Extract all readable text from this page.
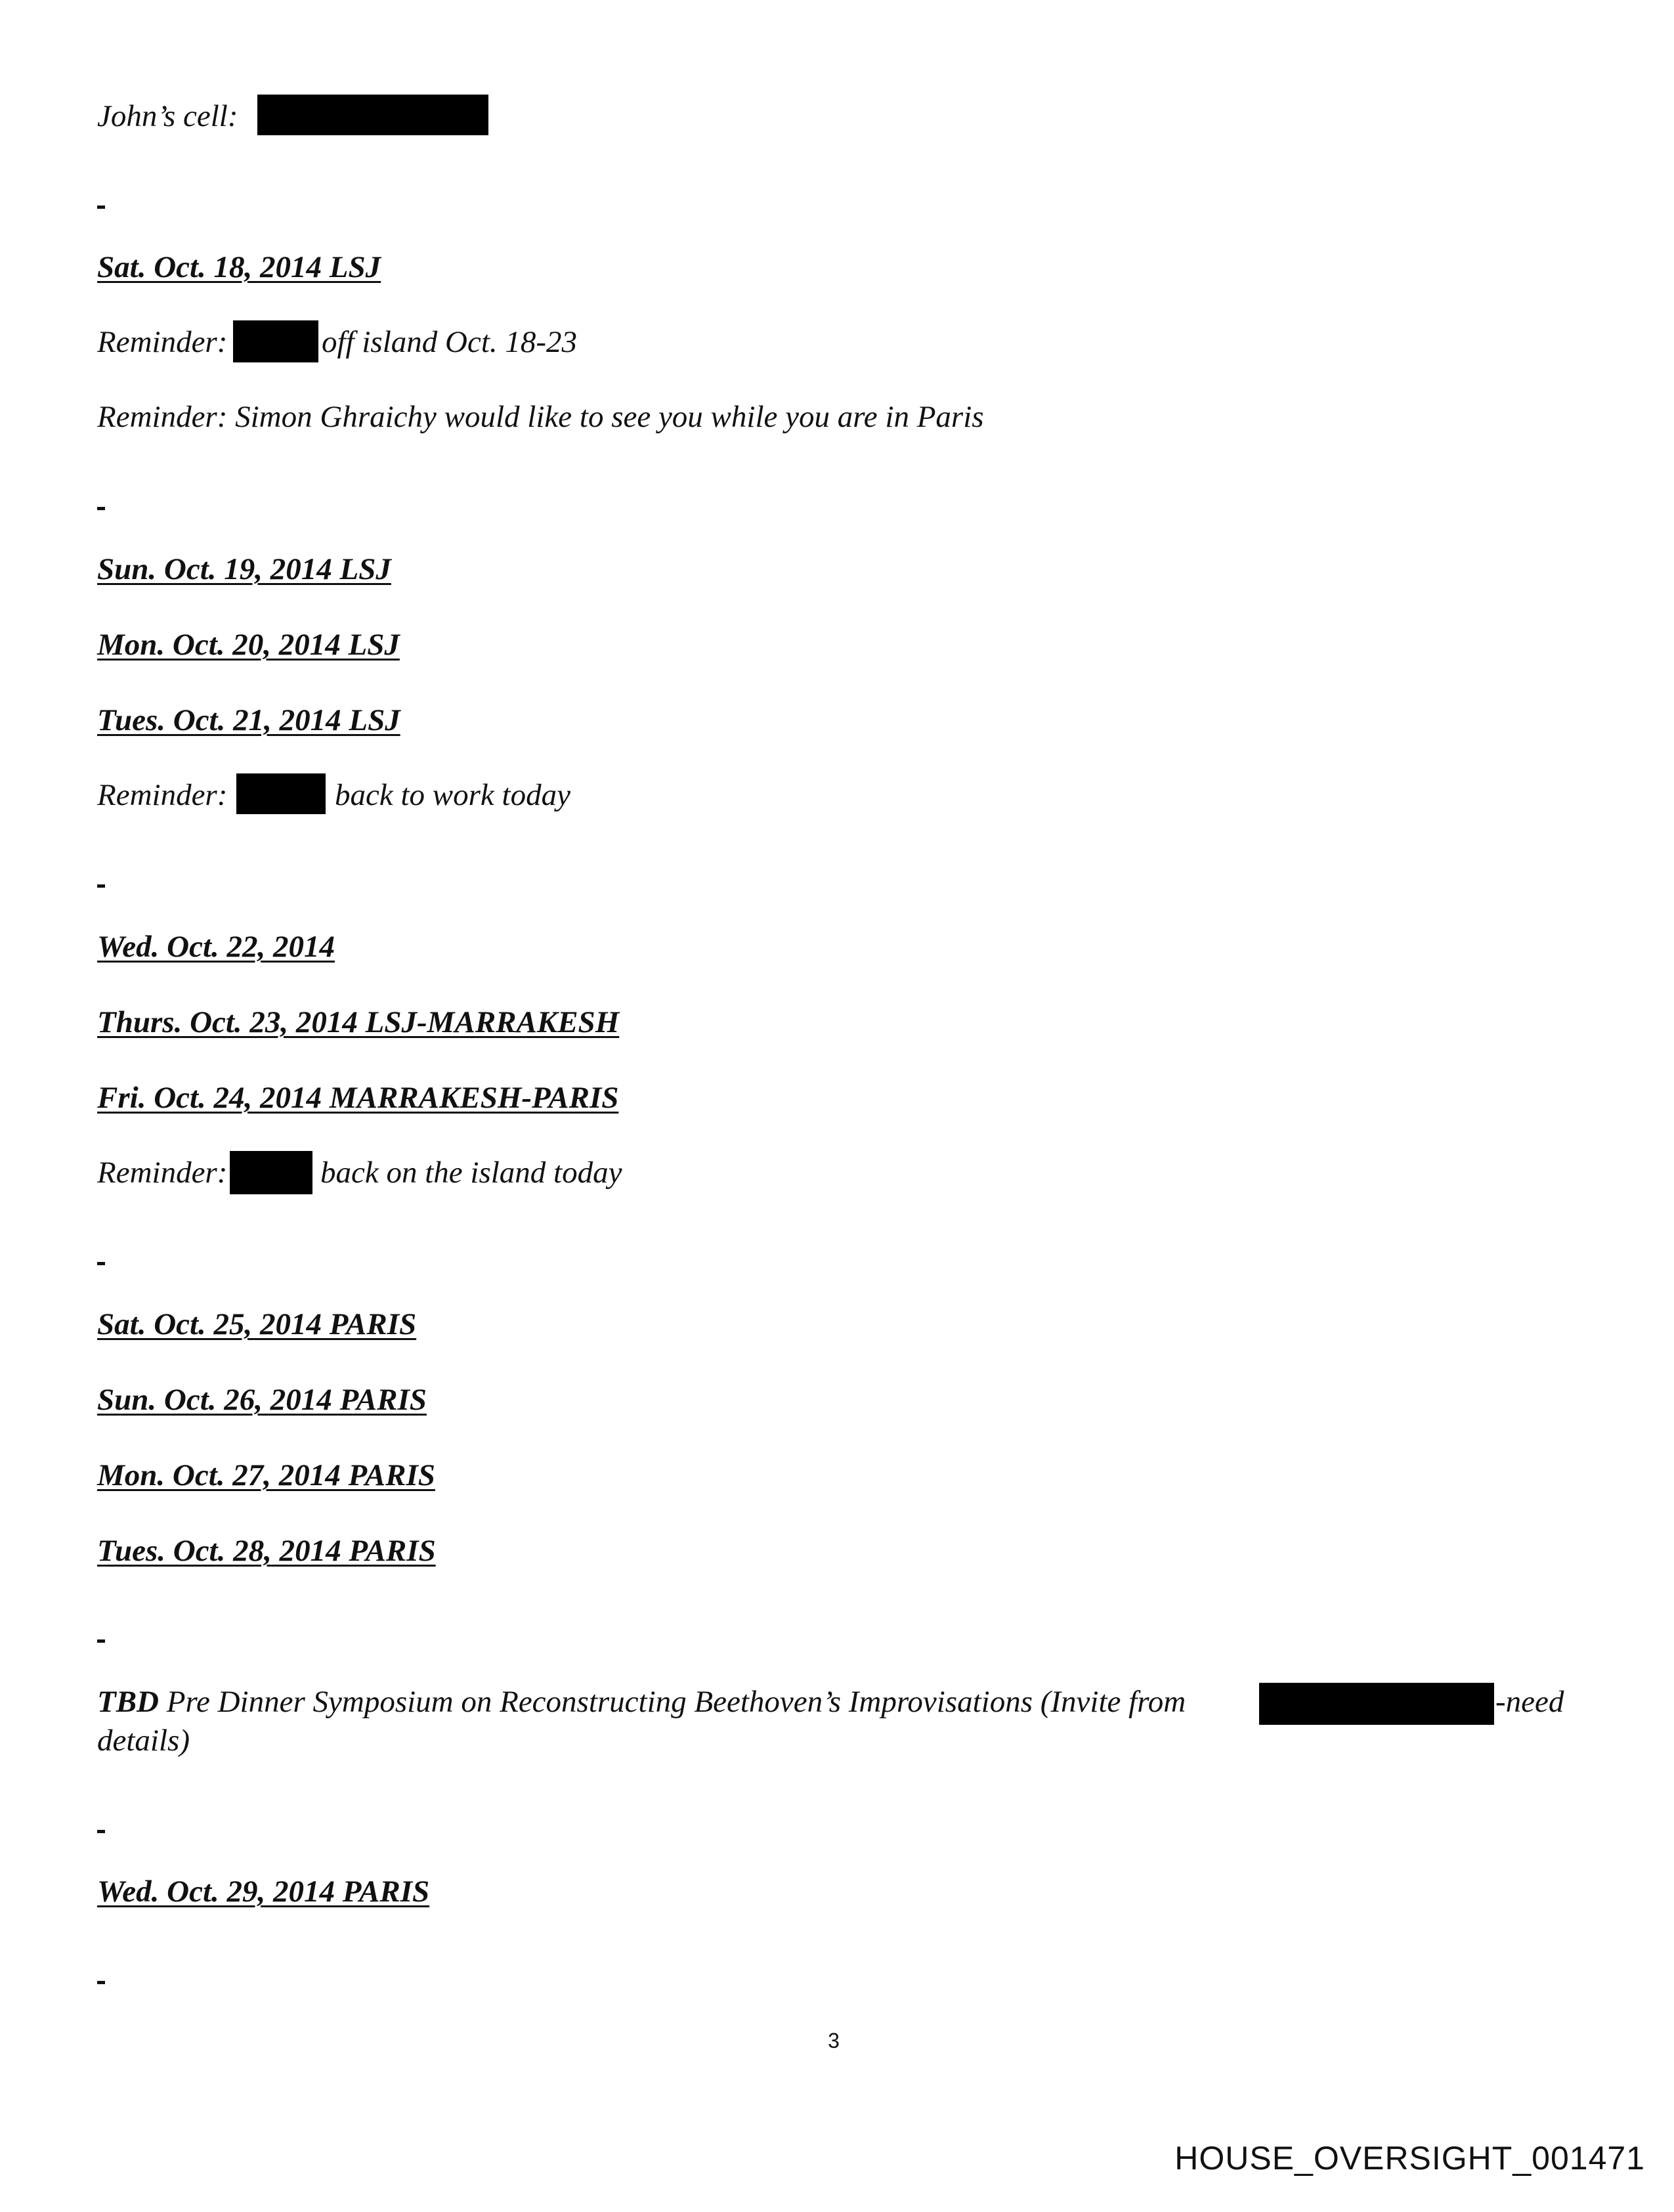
John’s cell:
Sat. Oct. 18, 2014 LSJ
Reminder:	off island Oct. 18-23
Reminder: Simon Ghraichy would like to see you while you are in Paris
Sun. Oct. 19, 2014 LSJ
Mon. Oct. 20, 2014 LSJ
Tues. Oct. 21, 2014 LSJ
Reminder:	back to work today
Wed. Oct. 22, 2014
Thurs. Oct. 23, 2014 LSJ-MARRAKESH
Fri. Oct. 24, 2014 MARRAKESH-PARIS
Reminder:	back on the island today
Sat. Oct. 25, 2014 PARIS
Sun. Oct. 26, 2014 PARIS
Mon. Oct. 27, 2014 PARIS
Tues. Oct. 28, 2014 PARIS
TBD Pre Dinner Symposium on Reconstructing Beethoven’s Improvisations (Invite from	-need
details)
Wed. Oct. 29, 2014 PARIS
3
HOUSE_OVERSIGHT_001471
